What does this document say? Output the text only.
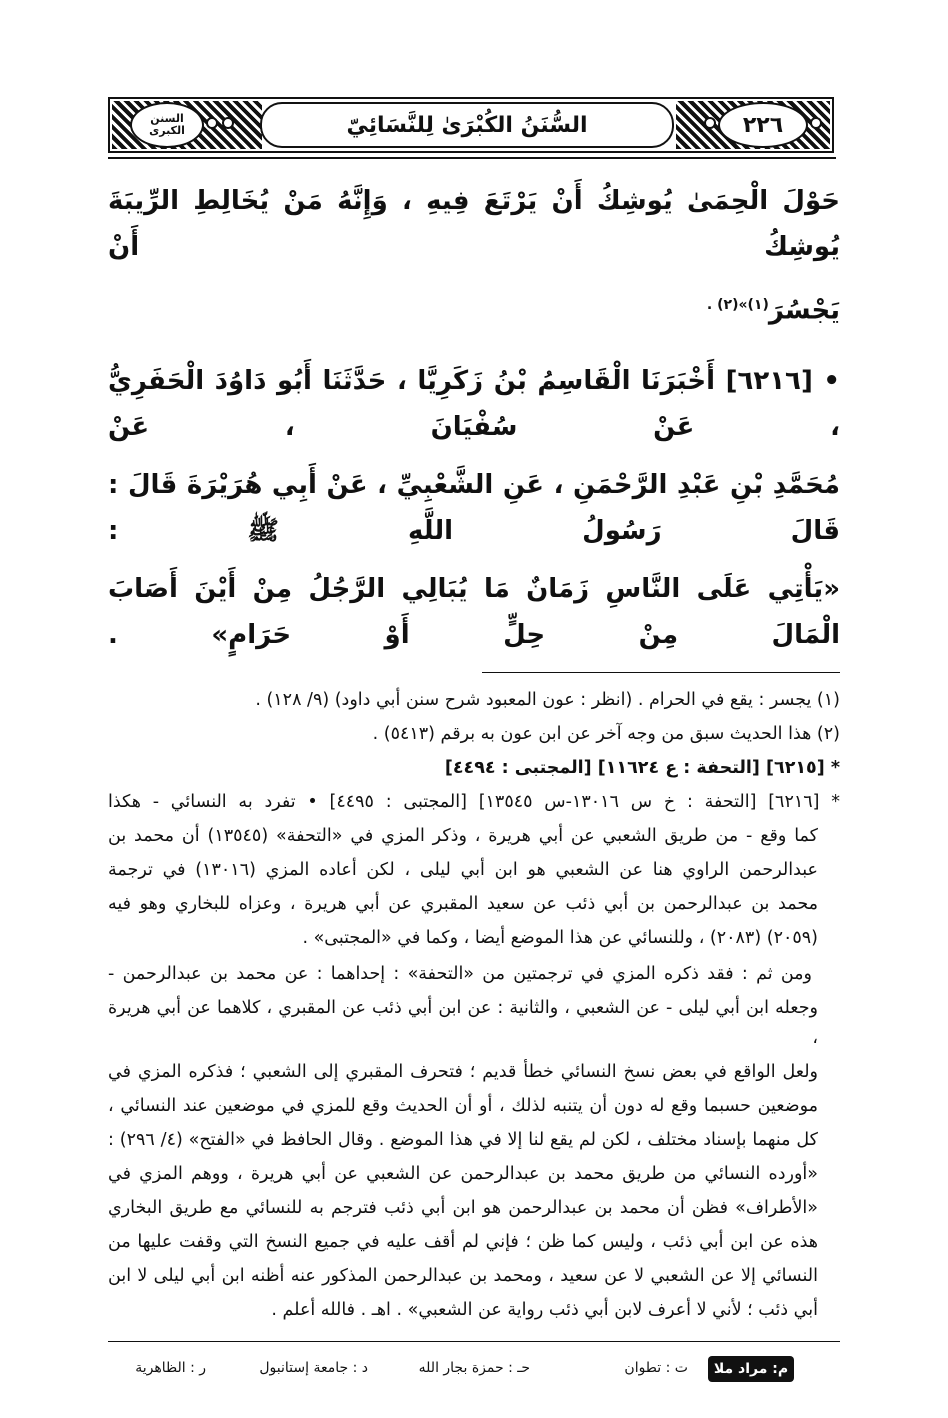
السنن الكبرى	السُّنَنُ الكُبْرَىٰ لِلنَّسَائِيّ	٢٢٦
حَوْلَ الْحِمَىٰ يُوشِكُ أَنْ يَرْتَعَ فِيهِ ، وَإِنَّهُ مَنْ يُخَالِطِ الرِّيبَةَ يُوشِكُ أَنْ
يَجْسُرَ$^{(١)»(٢) .}$
• [٦٢١٦] أَخْبَرَنَا الْقَاسِمُ بْنُ زَكَرِيَّا ، حَدَّثَنَا أَبُو دَاوُدَ الْحَفَرِيُّ ، عَنْ سُفْيَانَ ، عَنْ
مُحَمَّدِ بْنِ عَبْدِ الرَّحْمَنِ ، عَنِ الشَّعْبِيِّ ، عَنْ أَبِي هُرَيْرَةَ قَالَ : قَالَ رَسُولُ اللَّهِ ﷺ :
«يَأْتِي عَلَى النَّاسِ زَمَانٌ مَا يُبَالِي الرَّجُلُ مِنْ أَيْنَ أَصَابَ الْمَالَ مِنْ حِلٍّ أَوْ حَرَامٍ» .
(١) يجسر : يقع في الحرام . (انظر : عون المعبود شرح سنن أبي داود) (٩/ ١٢٨) .
(٢) هذا الحديث سبق من وجه آخر عن ابن عون به برقم (٥٤١٣) .
* [٦٢١٥] [التحفة : ع ١١٦٢٤] [المجتبى : ٤٤٩٤]
* [٦٢١٦] [التحفة : خ س ١٣٠١٦-س ١٣٥٤٥] [المجتبى : ٤٤٩٥] • تفرد به النسائي - هكذا
كما وقع - من طريق الشعبي عن أبي هريرة ، وذكر المزي في «التحفة» (١٣٥٤٥) أن محمد بن
عبدالرحمن الراوي هنا عن الشعبي هو ابن أبي ليلى ، لكن أعاده المزي (١٣٠١٦) في ترجمة
محمد بن عبدالرحمن بن أبي ذئب عن سعيد المقبري عن أبي هريرة ، وعزاه للبخاري وهو فيه
(٢٠٥٩) (٢٠٨٣) ، وللنسائي عن هذا الموضع أيضا ، وكما في «المجتبى» .
ومن ثم : فقد ذكره المزي في ترجمتين من «التحفة» : إحداهما : عن محمد بن عبدالرحمن -
وجعله ابن أبي ليلى - عن الشعبي ، والثانية : عن ابن أبي ذئب عن المقبري ، كلاهما عن أبي هريرة ،
ولعل الواقع في بعض نسخ النسائي خطأ قديم ؛ فتحرف المقبري إلى الشعبي ؛ فذكره المزي في
موضعين حسبما وقع له دون أن يتنبه لذلك ، أو أن الحديث وقع للمزي في موضعين عند النسائي ،
كل منهما بإسناد مختلف ، لكن لم يقع لنا إلا في هذا الموضع . وقال الحافظ في «الفتح» (٤/ ٢٩٦) :
«أورده النسائي من طريق محمد بن عبدالرحمن عن الشعبي عن أبي هريرة ، ووهم المزي في
«الأطراف» فظن أن محمد بن عبدالرحمن هو ابن أبي ذئب فترجم به للنسائي مع طريق البخاري
هذه عن ابن أبي ذئب ، وليس كما ظن ؛ فإني لم أقف عليه في جميع النسخ التي وقفت عليها من
النسائي إلا عن الشعبي لا عن سعيد ، ومحمد بن عبدالرحمن المذكور عنه أظنه ابن أبي ليلى لا ابن
أبي ذئب ؛ لأني لا أعرف لابن أبي ذئب رواية عن الشعبي» . اهـ . فالله أعلم .
م: مراد ملا
ت : تطوان
حـ : حمزة بجار الله
د : جامعة إستانبول
ر : الظاهرية
